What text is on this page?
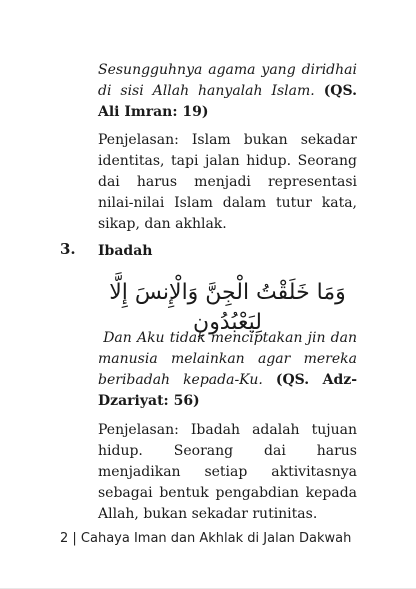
Sesungguhnya agama yang diridhai di sisi Allah hanyalah Islam. (QS. Ali Imran: 19)
Penjelasan: Islam bukan sekadar identitas, tapi jalan hidup. Seorang dai harus menjadi representasi nilai-nilai Islam dalam tutur kata, sikap, dan akhlak.
3. Ibadah
وَمَا خَلَقْتُ الْجِنَّ وَالْإِنسَ إِلَّا لِيَعْبُدُونِ
Dan Aku tidak menciptakan jin dan manusia melainkan agar mereka beribadah kepada-Ku. (QS. Adz-Dzariyat: 56)
Penjelasan: Ibadah adalah tujuan hidup. Seorang dai harus menjadikan setiap aktivitasnya sebagai bentuk pengabdian kepada Allah, bukan sekadar rutinitas.
2 | Cahaya Iman dan Akhlak di Jalan Dakwah
